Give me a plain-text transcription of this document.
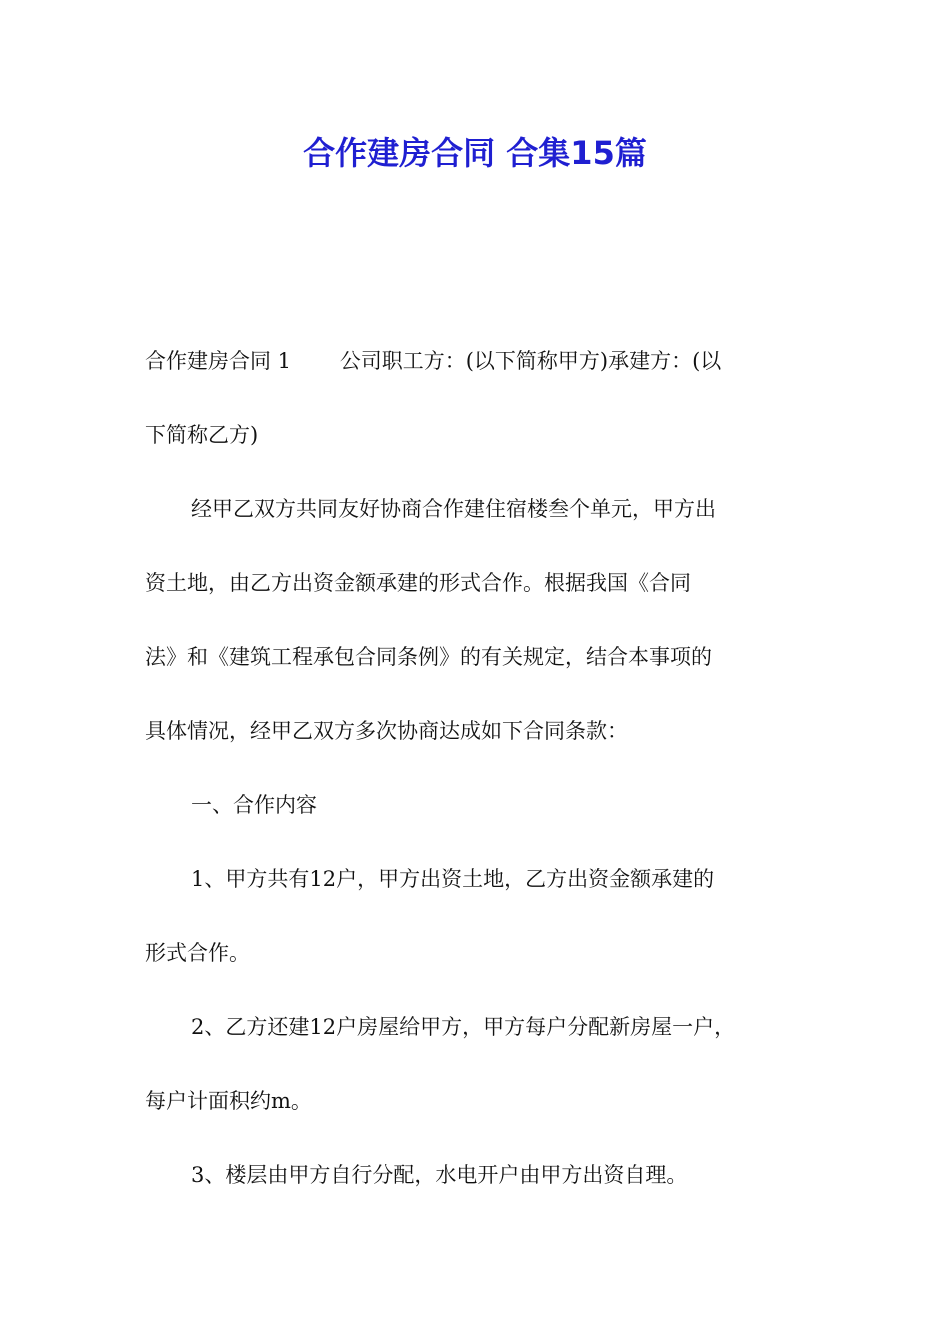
合作建房合同 合集15篇
合作建房合同 1　　 公司职工方：(以下简称甲方)承建方：(以
下简称乙方)
经甲乙双方共同友好协商合作建住宿楼叁个单元，甲方出
资土地，由乙方出资金额承建的形式合作。根据我国《合同
法》和《建筑工程承包合同条例》的有关规定，结合本事项的
具体情况，经甲乙双方多次协商达成如下合同条款：
一、合作内容
1、甲方共有12户，甲方出资土地，乙方出资金额承建的
形式合作。
2、乙方还建12户房屋给甲方，甲方每户分配新房屋一户，
每户计面积约m。
3、楼层由甲方自行分配，水电开户由甲方出资自理。
